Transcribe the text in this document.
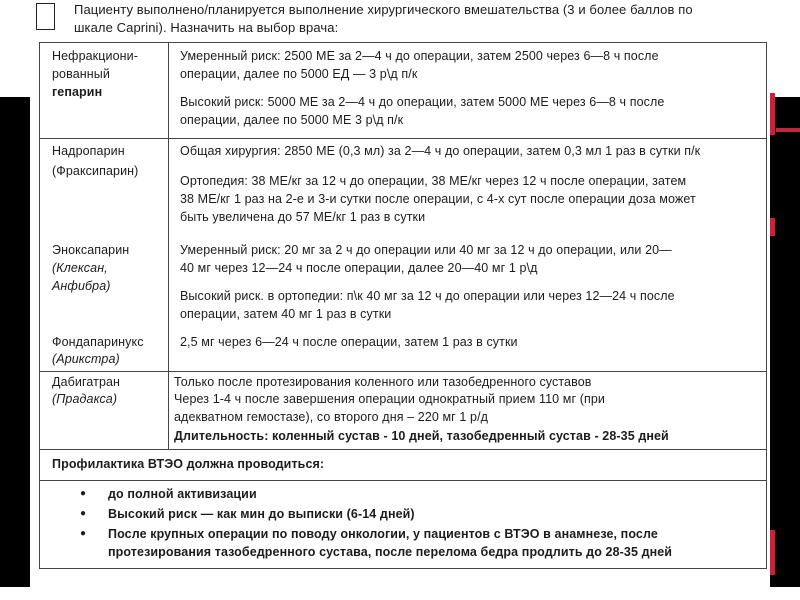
Пациенту выполнено/планируется выполнение хирургического вмешательства (3 и более баллов по
шкале Caprini). Назначить на выбор врача:
Нефракциони-
рованный
гепарин
Умеренный риск: 2500 МЕ за 2—4 ч до операции, затем 2500 через 6—8 ч после
операции, далее по 5000 ЕД — 3 р\д п/к
Высокий риск: 5000 МЕ за 2—4 ч до операции, затем 5000 МЕ через 6—8 ч после
операции, далее по 5000 МЕ 3 р\д п/к
Надропарин
(Фраксипарин)
Общая хирургия: 2850 МЕ (0,3 мл) за 2—4 ч до операции, затем 0,3 мл 1 раз в сутки п/к
Ортопедия: 38 МЕ/кг за 12 ч до операции, 38 МЕ/кг через 12 ч после операции, затем
38 МЕ/кг 1 раз на 2-е и 3-и сутки после операции, с 4-х сут после операции доза может
быть увеличена до 57 МЕ/кг 1 раз в сутки
Эноксапарин
(Клексан,
Анфибра)
Умеренный риск: 20 мг за 2 ч до операции или 40 мг за 12 ч до операции, или 20—
40 мг через 12—24 ч после операции, далее 20—40 мг 1 р\д
Высокий риск. в ортопедии: п\к 40 мг за 12 ч до операции или через 12—24 ч после
операции, затем 40 мг 1 раз в сутки
Фондапаринукс
(Арикстра)
2,5 мг через 6—24 ч после операции, затем 1 раз в сутки
Дабигатран
(Прадакса)
Только после протезирования коленного или тазобедренного суставов
Через 1-4 ч после завершения операции однократный прием 110 мг (при
адекватном гемостазе), со второго дня – 220 мг 1 р/д
Длительность: коленный сустав - 10 дней, тазобедренный сустав - 28-35 дней
Профилактика ВТЭО должна проводиться:
● до полной активизации
● Высокий риск — как мин до выписки (6-14 дней)
● После крупных операции по поводу онкологии, у пациентов с ВТЭО в анамнезе, после
протезирования тазобедренного сустава, после перелома бедра продлить до 28-35 дней
